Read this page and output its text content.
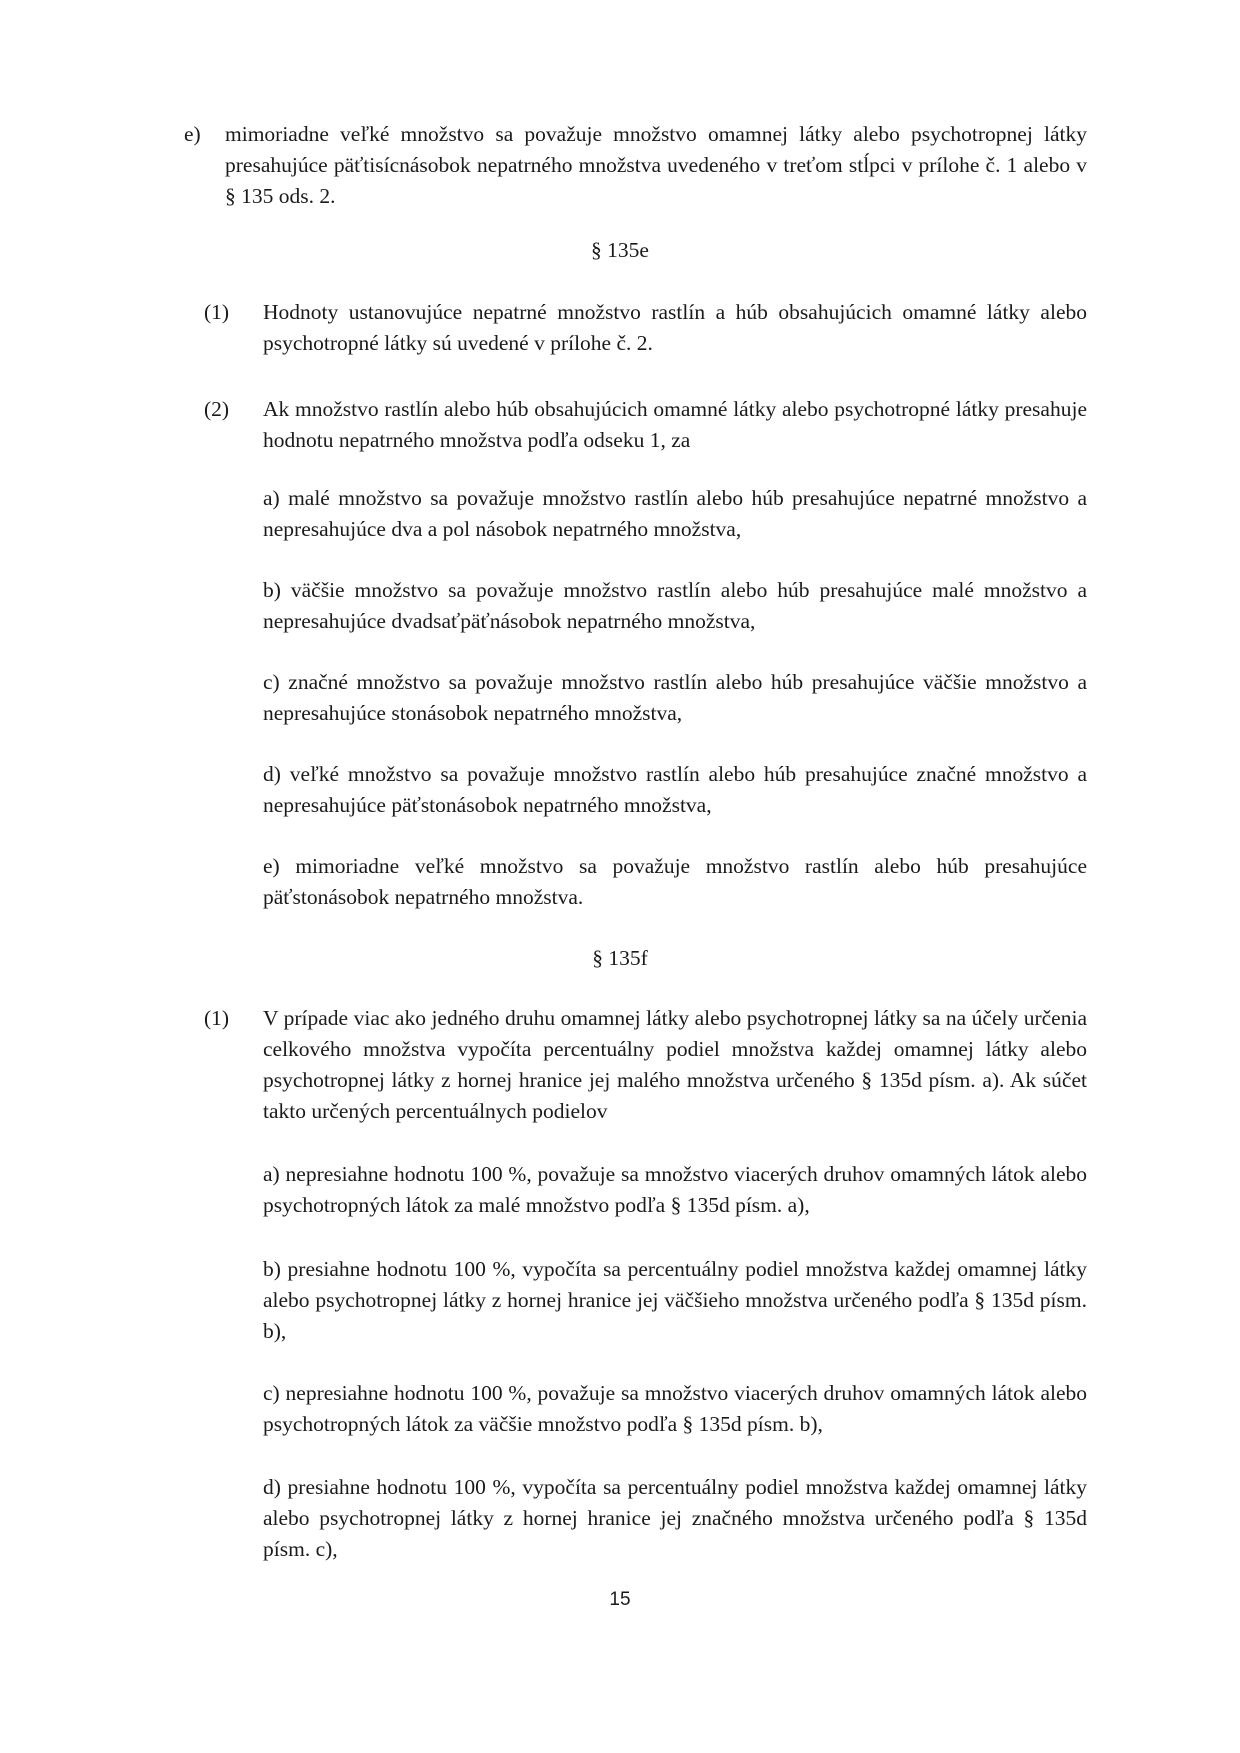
e) mimoriadne veľké množstvo sa považuje množstvo omamnej látky alebo psychotropnej látky presahujúce päťtisícnásobok nepatrného množstva uvedeného v treťom stĺpci v prílohe č. 1 alebo v § 135 ods. 2.
§ 135e
(1) Hodnoty ustanovujúce nepatrné množstvo rastlín a húb obsahujúcich omamné látky alebo psychotropné látky sú uvedené v prílohe č. 2.
(2) Ak množstvo rastlín alebo húb obsahujúcich omamné látky alebo psychotropné látky presahuje hodnotu nepatrného množstva podľa odseku 1, za
a) malé množstvo sa považuje množstvo rastlín alebo húb presahujúce nepatrné množstvo a nepresahujúce dva a pol násobok nepatrného množstva,
b) väčšie množstvo sa považuje množstvo rastlín alebo húb presahujúce malé množstvo a nepresahujúce dvadsaťpäťnásobok nepatrného množstva,
c) značné množstvo sa považuje množstvo rastlín alebo húb presahujúce väčšie množstvo a nepresahujúce stonásobok nepatrného množstva,
d) veľké množstvo sa považuje množstvo rastlín alebo húb presahujúce značné množstvo a nepresahujúce päťstonásobok nepatrného množstva,
e) mimoriadne veľké množstvo sa považuje množstvo rastlín alebo húb presahujúce päťstonásobok nepatrného množstva.
§ 135f
(1) V prípade viac ako jedného druhu omamnej látky alebo psychotropnej látky sa na účely určenia celkového množstva vypočíta percentuálny podiel množstva každej omamnej látky alebo psychotropnej látky z hornej hranice jej malého množstva určeného § 135d písm. a). Ak súčet takto určených percentuálnych podielov
a) nepresiahne hodnotu 100 %, považuje sa množstvo viacerých druhov omamných látok alebo psychotropných látok za malé množstvo podľa § 135d písm. a),
b) presiahne hodnotu 100 %, vypočíta sa percentuálny podiel množstva každej omamnej látky alebo psychotropnej látky z hornej hranice jej väčšieho množstva určeného podľa § 135d písm. b),
c) nepresiahne hodnotu 100 %, považuje sa množstvo viacerých druhov omamných látok alebo psychotropných látok za väčšie množstvo podľa § 135d písm. b),
d) presiahne hodnotu 100 %, vypočíta sa percentuálny podiel množstva každej omamnej látky alebo psychotropnej látky z hornej hranice jej značného množstva určeného podľa § 135d písm. c),
15
